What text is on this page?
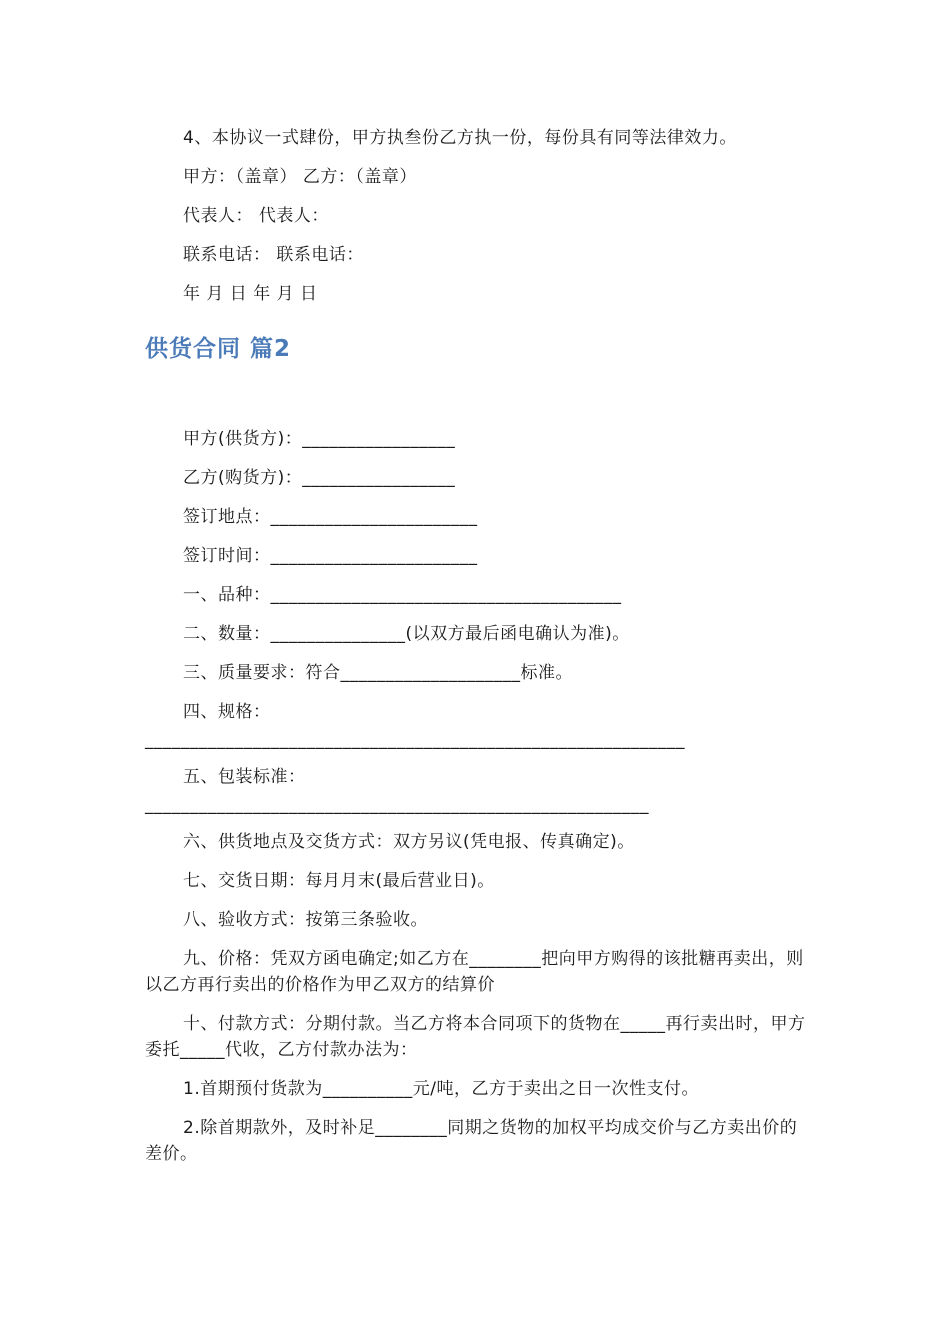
4、本协议一式肆份，甲方执叁份乙方执一份，每份具有同等法律效力。
甲方：（盖章） 乙方：（盖章）
代表人： 代表人：
联系电话： 联系电话：
年 月 日 年 月 日
供货合同 篇2
甲方(供货方)：_________________
乙方(购货方)：_________________
签订地点：_______________________
签订时间：_______________________
一、品种：_______________________________________
二、数量：_______________(以双方最后函电确认为准)。
三、质量要求：符合____________________标准。
四、规格：
____________________________________________________________
五、包装标准：
________________________________________________________
六、供货地点及交货方式：双方另议(凭电报、传真确定)。
七、交货日期：每月月末(最后营业日)。
八、验收方式：按第三条验收。
九、价格：凭双方函电确定;如乙方在________把向甲方购得的该批糖再卖出，则以乙方再行卖出的价格作为甲乙双方的结算价
十、付款方式：分期付款。当乙方将本合同项下的货物在_____再行卖出时，甲方委托_____代收，乙方付款办法为：
1.首期预付货款为__________元/吨，乙方于卖出之日一次性支付。
2.除首期款外，及时补足________同期之货物的加权平均成交价与乙方卖出价的差价。
